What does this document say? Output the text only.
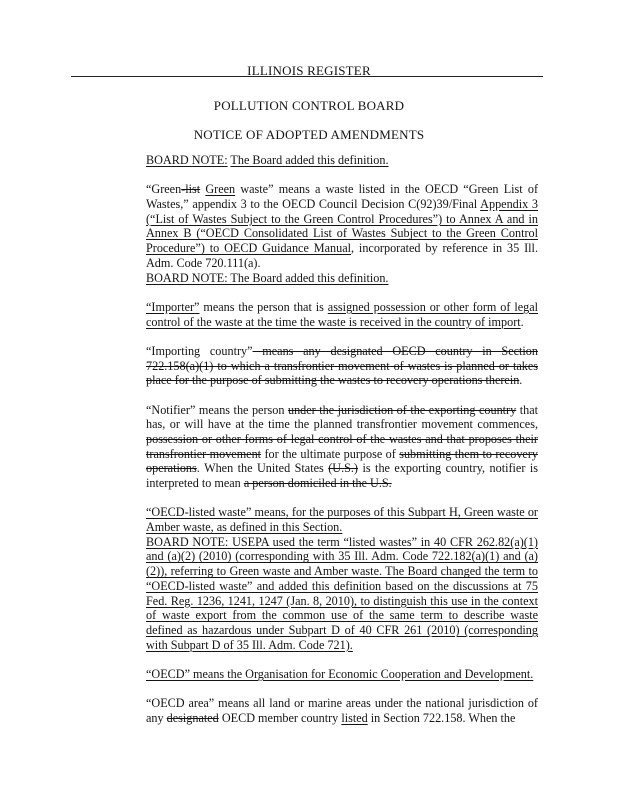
ILLINOIS REGISTER
POLLUTION CONTROL BOARD
NOTICE OF ADOPTED AMENDMENTS

BOARD NOTE: The Board added this definition.

“Green-list Green waste” means a waste listed in the OECD “Green List of Wastes,” appendix 3 to the OECD Council Decision C(92)39/Final Appendix 3 (“List of Wastes Subject to the Green Control Procedures”) to Annex A and in Annex B (“OECD Consolidated List of Wastes Subject to the Green Control Procedure”) to OECD Guidance Manual, incorporated by reference in 35 Ill. Adm. Code 720.111(a).

BOARD NOTE: The Board added this definition.

“Importer” means the person that is assigned possession or other form of legal control of the waste at the time the waste is received in the country of import.

“Importing country” means any designated OECD country in Section 722.158(a)(1) to which a transfrontier movement of wastes is planned or takes place for the purpose of submitting the wastes to recovery operations therein.

“Notifier” means the person under the jurisdiction of the exporting country that has, or will have at the time the planned transfrontier movement commences, possession or other forms of legal control of the wastes and that proposes their transfrontier movement for the ultimate purpose of submitting them to recovery operations. When the United States (U.S.) is the exporting country, notifier is interpreted to mean a person domiciled in the U.S.

“OECD-listed waste” means, for the purposes of this Subpart H, Green waste or Amber waste, as defined in this Section.

BOARD NOTE: USEPA used the term “listed wastes” in 40 CFR 262.82(a)(1) and (a)(2) (2010) (corresponding with 35 Ill. Adm. Code 722.182(a)(1) and (a)(2)), referring to Green waste and Amber waste. The Board changed the term to “OECD-listed waste” and added this definition based on the discussions at 75 Fed. Reg. 1236, 1241, 1247 (Jan. 8, 2010), to distinguish this use in the context of waste export from the common use of the same term to describe waste defined as hazardous under Subpart D of 40 CFR 261 (2010) (corresponding with Subpart D of 35 Ill. Adm. Code 721).

“OECD” means the Organisation for Economic Cooperation and Development.

“OECD area” means all land or marine areas under the national jurisdiction of any designated OECD member country listed in Section 722.158. When the
